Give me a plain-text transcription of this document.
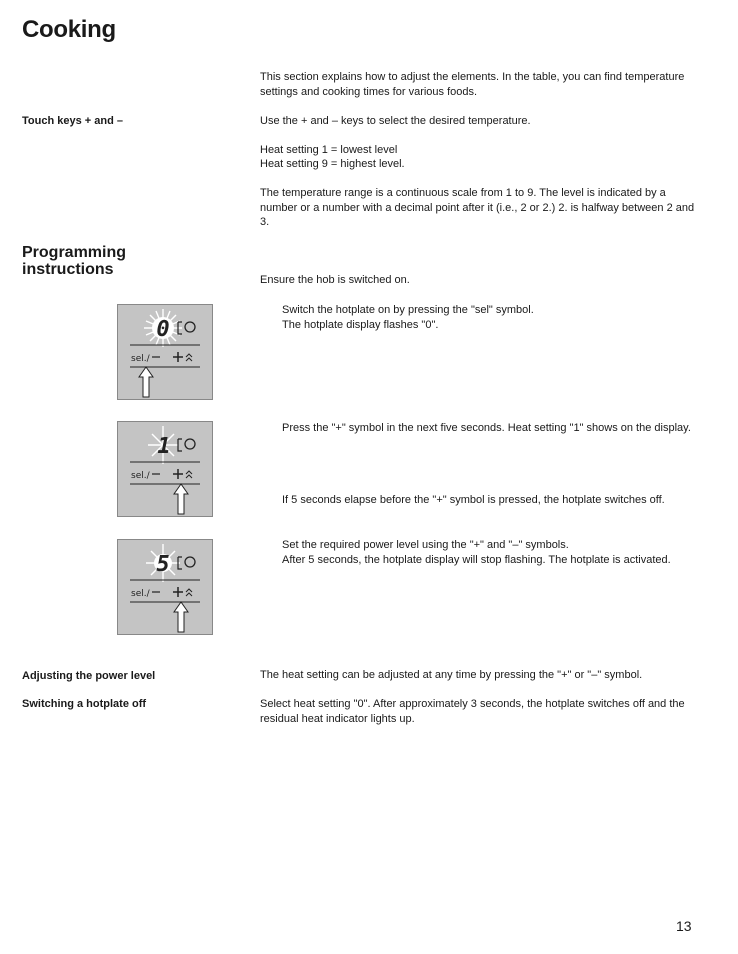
Cooking
This section explains how to adjust the elements. In the table, you can find temperature settings and cooking times for various foods.
Touch keys + and –	Use the + and – keys to select the desired temperature.
Heat setting 1 = lowest level
Heat setting 9 = highest level.
The temperature range is a continuous scale from 1 to 9. The level is indicated by a number or a number with a decimal point after it (i.e., 2 or 2.) 2. is halfway between 2 and 3.
Programming instructions
Ensure the hob is switched on.
Switch the hotplate on by pressing the "sel" symbol.
The hotplate display flashes "0".
Press the "+" symbol in the next five seconds. Heat setting "1" shows on the display.
If 5 seconds elapse before the "+" symbol is pressed, the hotplate switches off.
Set the required power level using the "+" and "–" symbols.
After 5 seconds, the hotplate display will stop flashing. The hotplate is activated.
0
sel./
1
sel./
5
sel./
Adjusting the power level	The heat setting can be adjusted at any time by pressing the "+" or "–" symbol.
Switching a hotplate off	Select heat setting "0". After approximately 3 seconds, the hotplate switches off and the residual heat indicator lights up.
13
